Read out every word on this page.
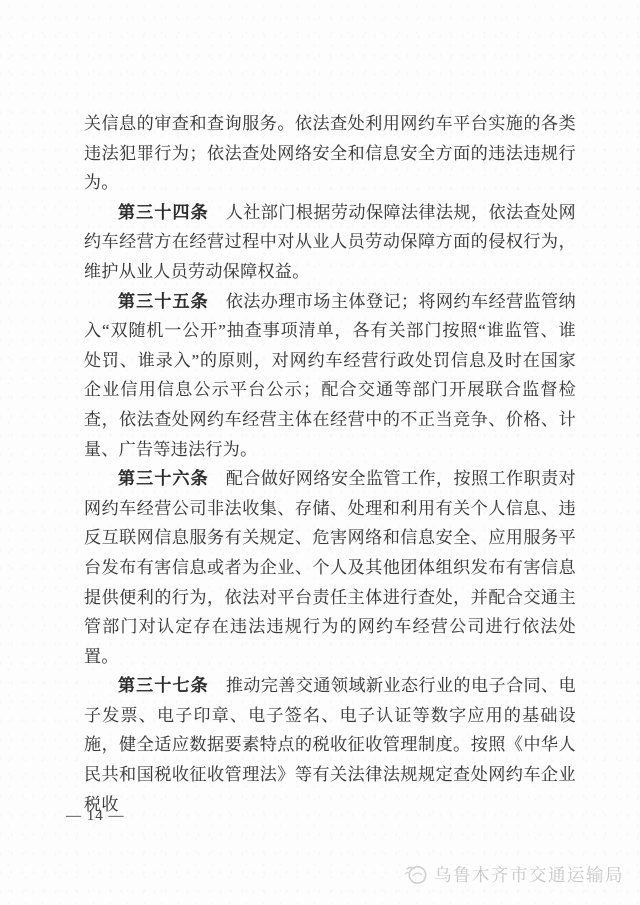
关信息的审查和查询服务。依法查处利用网约车平台实施的各类违法犯罪行为；依法查处网络安全和信息安全方面的违法违规行为。

第三十四条 人社部门根据劳动保障法律法规，依法查处网约车经营方在经营过程中对从业人员劳动保障方面的侵权行为，维护从业人员劳动保障权益。

第三十五条 依法办理市场主体登记；将网约车经营监管纳入“双随机一公开”抽查事项清单，各有关部门按照“谁监管、谁处罚、谁录入”的原则，对网约车经营行政处罚信息及时在国家企业信用信息公示平台公示；配合交通等部门开展联合监督检查，依法查处网约车经营主体在经营中的不正当竞争、价格、计量、广告等违法行为。

第三十六条 配合做好网络安全监管工作，按照工作职责对网约车经营公司非法收集、存储、处理和利用有关个人信息、违反互联网信息服务有关规定、危害网络和信息安全、应用服务平台发布有害信息或者为企业、个人及其他团体组织发布有害信息提供便利的行为，依法对平台责任主体进行查处，并配合交通主管部门对认定存在违法违规行为的网约车经营公司进行依法处置。

第三十七条 推动完善交通领域新业态行业的电子合同、电子发票、电子印章、电子签名、电子认证等数字应用的基础设施，健全适应数据要素特点的税收征收管理制度。按照《中华人民共和国税收征收管理法》等有关法律法规规定查处网约车企业税收

— 14 —
乌鲁木齐市交通运输局
